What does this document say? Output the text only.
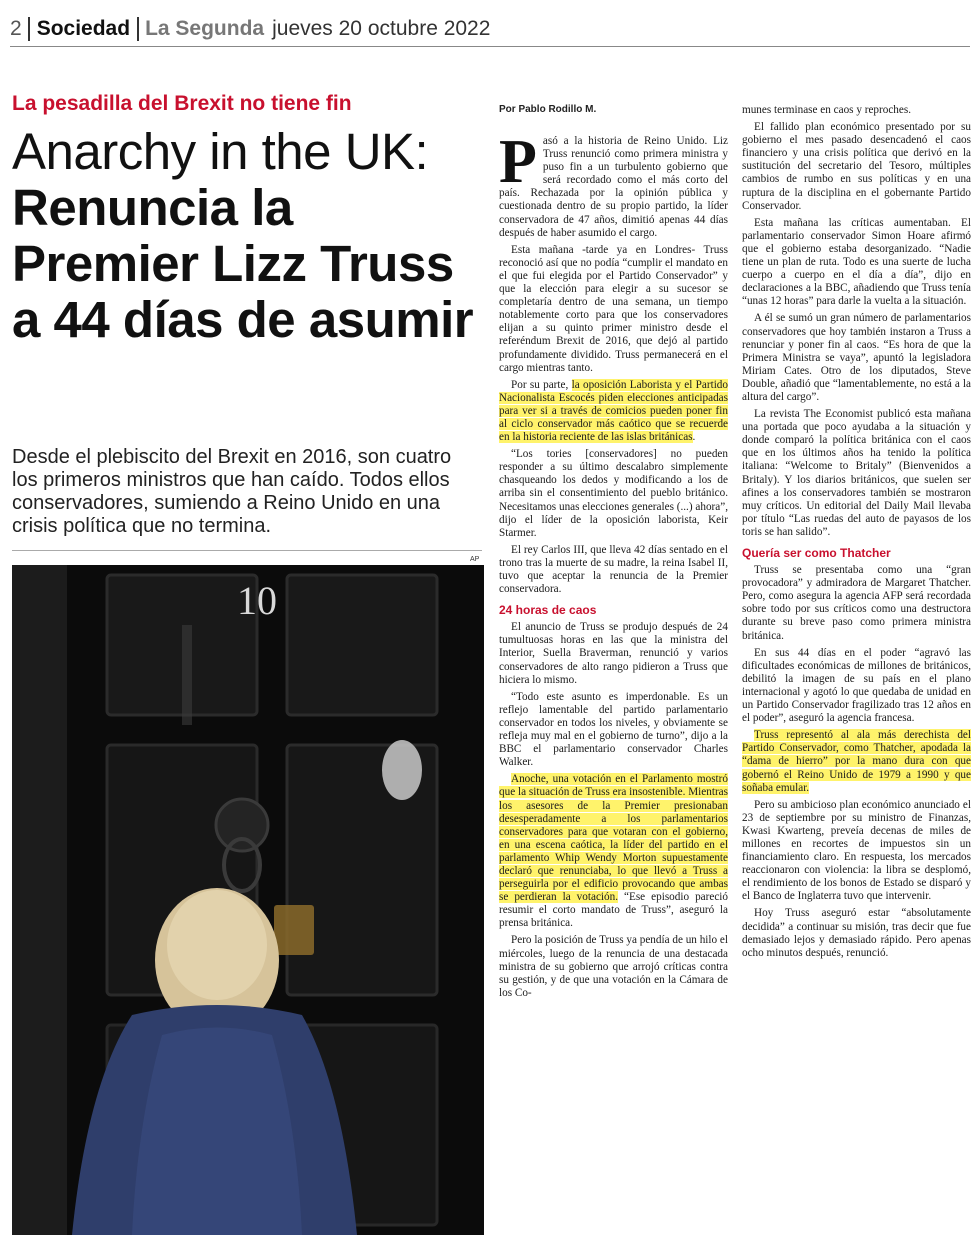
2 Sociedad La Segunda jueves 20 octubre 2022
La pesadilla del Brexit no tiene fin
Anarchy in the UK:
Renuncia la Premier Lizz Truss a 44 días de asumir
Desde el plebiscito del Brexit en 2016, son cuatro los primeros ministros que han caído. Todos ellos conservadores, sumiendo a Reino Unido en una crisis política que no termina.
AP
10
Por Pablo Rodillo M.

P asó a la historia de Reino Unido. Liz Truss renunció como primera ministra y puso fin a un turbulento gobierno que será recordado como el más corto del país. Rechazada por la opinión pública y cuestionada dentro de su propio partido, la líder conservadora de 47 años, dimitió apenas 44 días después de haber asumido el cargo.

Esta mañana -tarde ya en Londres- Truss reconoció así que no podía “cumplir el mandato en el que fui elegida por el Partido Conservador” y que la elección para elegir a su sucesor se completaría dentro de una semana, un tiempo notablemente corto para que los conservadores elijan a su quinto primer ministro desde el referéndum Brexit de 2016, que dejó al partido profundamente dividido. Truss permanecerá en el cargo mientras tanto.

Por su parte, la oposición Laborista y el Partido Nacionalista Escocés piden elecciones anticipadas para ver si a través de comicios pueden poner fin al ciclo conservador más caótico que se recuerde en la historia reciente de las islas británicas.

“Los tories [conservadores] no pueden responder a su último descalabro simplemente chasqueando los dedos y modificando a los de arriba sin el consentimiento del pueblo británico. Necesitamos unas elecciones generales (...) ahora”, dijo el líder de la oposición laborista, Keir Starmer.

El rey Carlos III, que lleva 42 días sentado en el trono tras la muerte de su madre, la reina Isabel II, tuvo que aceptar la renuncia de la Premier conservadora.

24 horas de caos

El anuncio de Truss se produjo después de 24 tumultuosas horas en las que la ministra del Interior, Suella Braverman, renunció y varios conservadores de alto rango pidieron a Truss que hiciera lo mismo.

“Todo este asunto es imperdonable. Es un reflejo lamentable del partido parlamentario conservador en todos los niveles, y obviamente se refleja muy mal en el gobierno de turno”, dijo a la BBC el parlamentario conservador Charles Walker.

Anoche, una votación en el Parlamento mostró que la situación de Truss era insostenible. Mientras los asesores de la Premier presionaban desesperadamente a los parlamentarios conservadores para que votaran con el gobierno, en una escena caótica, la líder del partido en el parlamento Whip Wendy Morton supuestamente declaró que renunciaba, lo que llevó a Truss a perseguirla por el edificio provocando que ambas se perdieran la votación. “Ese episodio pareció resumir el corto mandato de Truss”, aseguró la prensa británica.

Pero la posición de Truss ya pendía de un hilo el miércoles, luego de la renuncia de una destacada ministra de su gobierno que arrojó críticas contra su gestión, y de que una votación en la Cámara de los Co-

munes terminase en caos y reproches.

El fallido plan económico presentado por su gobierno el mes pasado desencadenó el caos financiero y una crisis política que derivó en la sustitución del secretario del Tesoro, múltiples cambios de rumbo en sus políticas y en una ruptura de la disciplina en el gobernante Partido Conservador.

Esta mañana las críticas aumentaban. El parlamentario conservador Simon Hoare afirmó que el gobierno estaba desorganizado. “Nadie tiene un plan de ruta. Todo es una suerte de lucha cuerpo a cuerpo en el día a día”, dijo en declaraciones a la BBC, añadiendo que Truss tenía “unas 12 horas” para darle la vuelta a la situación.

A él se sumó un gran número de parlamentarios conservadores que hoy también instaron a Truss a renunciar y poner fin al caos. “Es hora de que la Primera Ministra se vaya”, apuntó la legisladora Miriam Cates. Otro de los diputados, Steve Double, añadió que “lamentablemente, no está a la altura del cargo”.

La revista The Economist publicó esta mañana una portada que poco ayudaba a la situación y donde comparó la política británica con el caos que en los últimos años ha tenido la política italiana: “Welcome to Britaly” (Bienvenidos a Britaly). Y los diarios británicos, que suelen ser afines a los conservadores también se mostraron muy críticos. Un editorial del Daily Mail llevaba por título “Las ruedas del auto de payasos de los toris se han salido”.

Quería ser como Thatcher

Truss se presentaba como una “gran provocadora” y admiradora de Margaret Thatcher. Pero, como asegura la agencia AFP será recordada sobre todo por sus críticos como una destructora durante su breve paso como primera ministra británica.

En sus 44 días en el poder “agravó las dificultades económicas de millones de británicos, debilitó la imagen de su país en el plano internacional y agotó lo que quedaba de unidad en un Partido Conservador fragilizado tras 12 años en el poder”, aseguró la agencia francesa.

Truss representó al ala más derechista del Partido Conservador, como Thatcher, apodada la “dama de hierro” por la mano dura con que gobernó el Reino Unido de 1979 a 1990 y que soñaba emular.

Pero su ambicioso plan económico anunciado el 23 de septiembre por su ministro de Finanzas, Kwasi Kwarteng, preveía decenas de miles de millones en recortes de impuestos sin un financiamiento claro. En respuesta, los mercados reaccionaron con violencia: la libra se desplomó, el rendimiento de los bonos de Estado se disparó y el Banco de Inglaterra tuvo que intervenir.

Hoy Truss aseguró estar “absolutamente decidida” a continuar su misión, tras decir que fue demasiado lejos y demasiado rápido. Pero apenas ocho minutos después, renunció.
